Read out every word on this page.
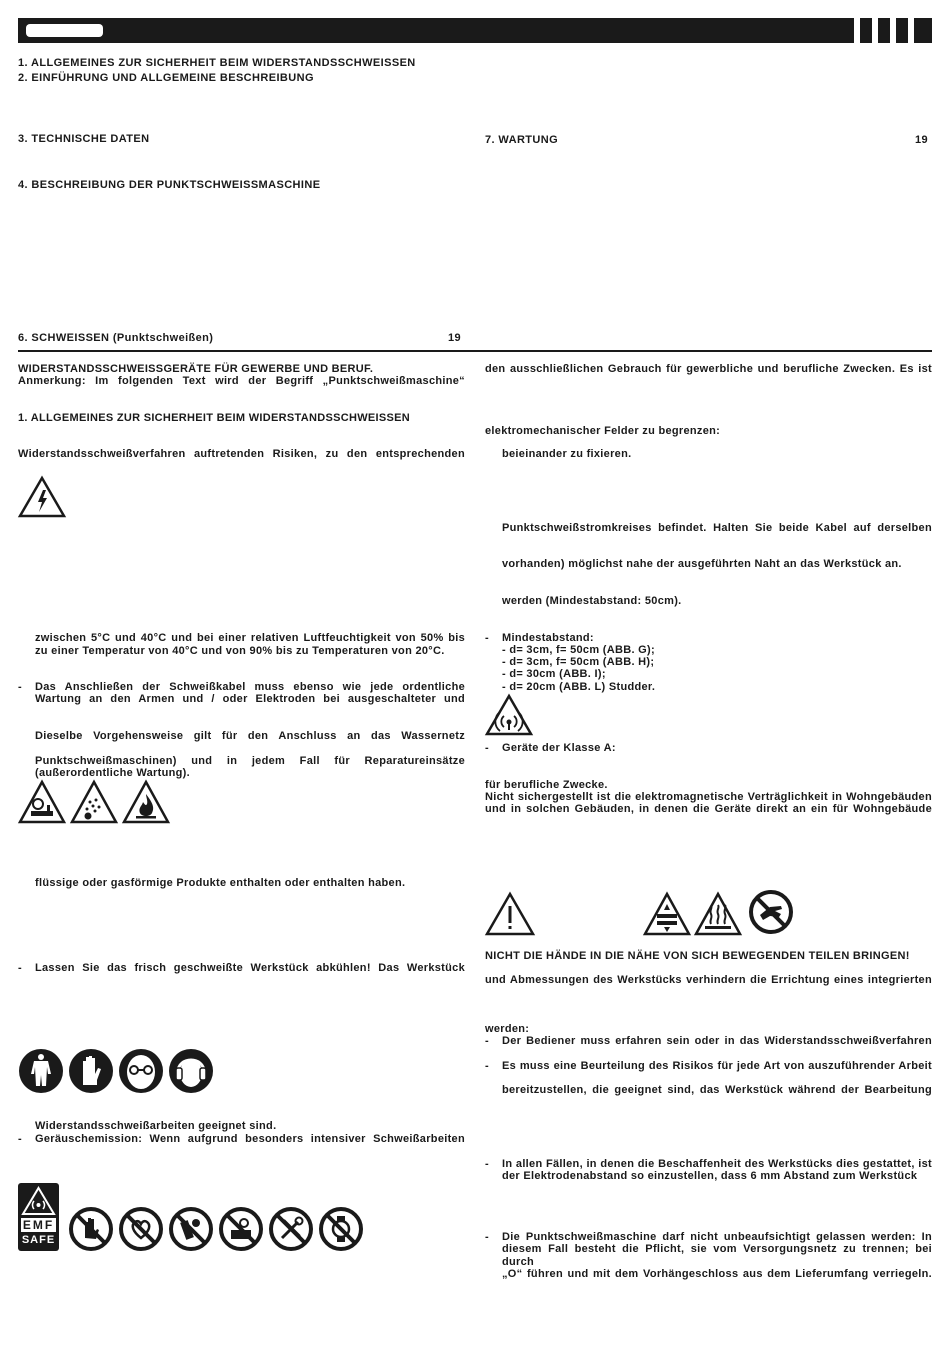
1. ALLGEMEINES ZUR SICHERHEIT BEIM WIDERSTANDSSCHWEISSEN
2. EINFÜHRUNG UND ALLGEMEINE BESCHREIBUNG
3. TECHNISCHE DATEN
4. BESCHREIBUNG DER PUNKTSCHWEISSMASCHINE
6. SCHWEISSEN (Punktschweißen)	19
7. WARTUNG	19
WIDERSTANDSSCHWEISSGERÄTE FÜR GEWERBE UND BERUF.
Anmerkung: Im folgenden Text wird der Begriff „Punktschweißmaschine“
1. ALLGEMEINES ZUR SICHERHEIT BEIM WIDERSTANDSSCHWEISSEN
Widerstandsschweißverfahren auftretenden Risiken, zu den entsprechenden
zwischen 5°C und 40°C und bei einer relativen Luftfeuchtigkeit von 50% bis
zu einer Temperatur von 40°C und von 90% bis zu Temperaturen von 20°C.
- Das Anschließen der Schweißkabel muss ebenso wie jede ordentliche
Wartung an den Armen und / oder Elektroden bei ausgeschalteter und
Dieselbe Vorgehensweise gilt für den Anschluss an das Wassernetz
Punktschweißmaschinen) und in jedem Fall für Reparatureinsätze
(außerordentliche Wartung).
flüssige oder gasförmige Produkte enthalten oder enthalten haben.
- Lassen Sie das frisch geschweißte Werkstück abkühlen! Das Werkstück
Widerstandsschweißarbeiten geeignet sind.
- Geräuschemission: Wenn aufgrund besonders intensiver Schweißarbeiten
EMF
SAFE
den ausschließlichen Gebrauch für gewerbliche und berufliche Zwecken. Es ist
elektromechanischer Felder zu begrenzen:
beieinander zu fixieren.
Punktschweißstromkreises befindet. Halten Sie beide Kabel auf derselben
vorhanden) möglichst nahe der ausgeführten Naht an das Werkstück an.
werden (Mindestabstand: 50cm).
- Mindestabstand:
- d= 3cm, f= 50cm (ABB. G);
- d= 3cm, f= 50cm (ABB. H);
- d= 30cm (ABB. I);
- d= 20cm (ABB. L) Studder.
- Geräte der Klasse A:
für berufliche Zwecke.
Nicht sichergestellt ist die elektromagnetische Verträglichkeit in Wohngebäuden
und in solchen Gebäuden, in denen die Geräte direkt an ein für Wohngebäude
NICHT DIE HÄNDE IN DIE NÄHE VON SICH BEWEGENDEN TEILEN BRINGEN!
und Abmessungen des Werkstücks verhindern die Errichtung eines integrierten
werden:
- Der Bediener muss erfahren sein oder in das Widerstandsschweißverfahren
- Es muss eine Beurteilung des Risikos für jede Art von auszuführender Arbeit
bereitzustellen, die geeignet sind, das Werkstück während der Bearbeitung
- In allen Fällen, in denen die Beschaffenheit des Werkstücks dies gestattet, ist
der Elektrodenabstand so einzustellen, dass 6 mm Abstand zum Werkstück
- Die Punktschweißmaschine darf nicht unbeaufsichtigt gelassen werden: In
diesem Fall besteht die Pflicht, sie vom Versorgungsnetz zu trennen; bei durch
„O“ führen und mit dem Vorhängeschloss aus dem Lieferumfang verriegeln.
